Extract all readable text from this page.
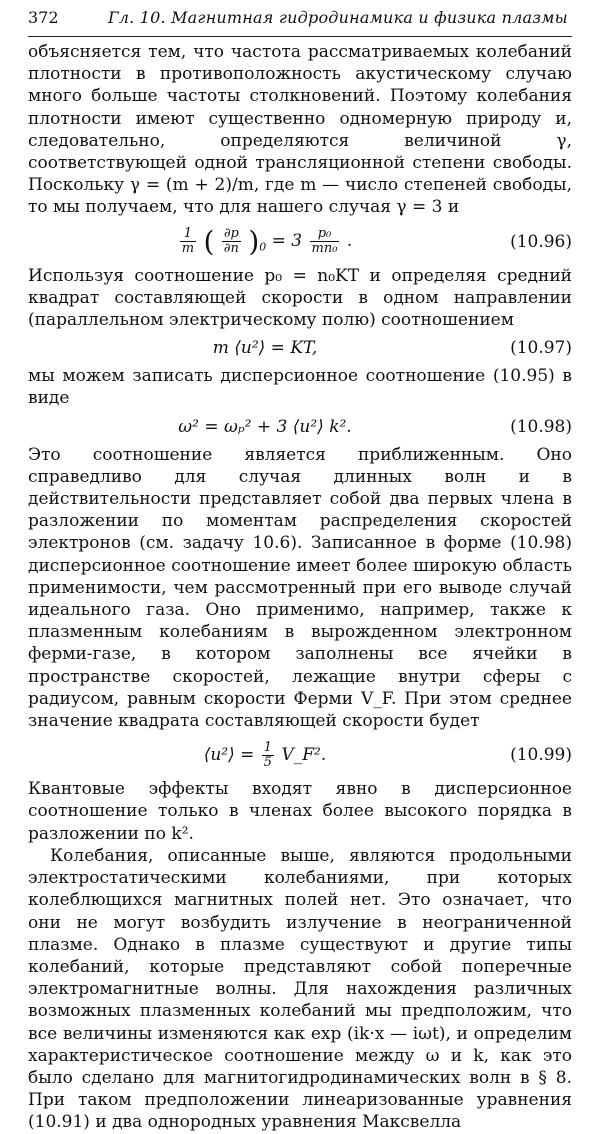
372	Гл. 10. Магнитная гидродинамика и физика плазмы

объясняется тем, что частота рассматриваемых колебаний плотности в противоположность акустическому случаю много больше частоты столкновений. Поэтому колебания плотности имеют существенно одномерную природу и, следовательно, определяются величиной γ, соответствующей одной трансляционной степени свободы. Поскольку γ = (m + 2)/m, где m — число степеней свободы, то мы получаем, что для нашего случая γ = 3 и

$\frac{1}{m}$ ( $\frac{\partial p}{\partial n} )_0 = 3 \frac{\text{p₀}}{\text{mn₀}}$ .	(10.96)

Используя соотношение p₀ = n₀KT и определяя средний квадрат составляющей скорости в одном направлении (параллельном электрическому полю) соотношением

m ⟨u²⟩ = KT,	(10.97)

мы можем записать дисперсионное соотношение (10.95) в виде

ω² = ωₚ² + 3 ⟨u²⟩ k².	(10.98)

Это соотношение является приближенным. Оно справедливо для случая длинных волн и в действительности представляет собой два первых члена в разложении по моментам распределения скоростей электронов (см. задачу 10.6). Записанное в форме (10.98) дисперсионное соотношение имеет более широкую область применимости, чем рассмотренный при его выводе случай идеального газа. Оно применимо, например, также к плазменным колебаниям в вырожденном электронном ферми-газе, в котором заполнены все ячейки в пространстве скоростей, лежащие внутри сферы с радиусом, равным скорости Ферми V_F. При этом среднее значение квадрата составляющей скорости будет

⟨u²⟩ = $\frac{1}{5}$ V_F².	(10.99)

Квантовые эффекты входят явно в дисперсионное соотношение только в членах более высокого порядка в разложении по k².

Колебания, описанные выше, являются продольными электростатическими колебаниями, при которых колеблющихся магнитных полей нет. Это означает, что они не могут возбудить излучение в неограниченной плазме. Однако в плазме существуют и другие типы колебаний, которые представляют собой поперечные электромагнитные волны. Для нахождения различных возможных плазменных колебаний мы предположим, что все величины изменяются как exp (ik·x — iωt), и определим характеристическое соотношение между ω и k, как это было сделано для магнитогидродинамических волн в § 8. При таком предположении линеаризованные уравнения (10.91) и два однородных уравнения Максвелла
